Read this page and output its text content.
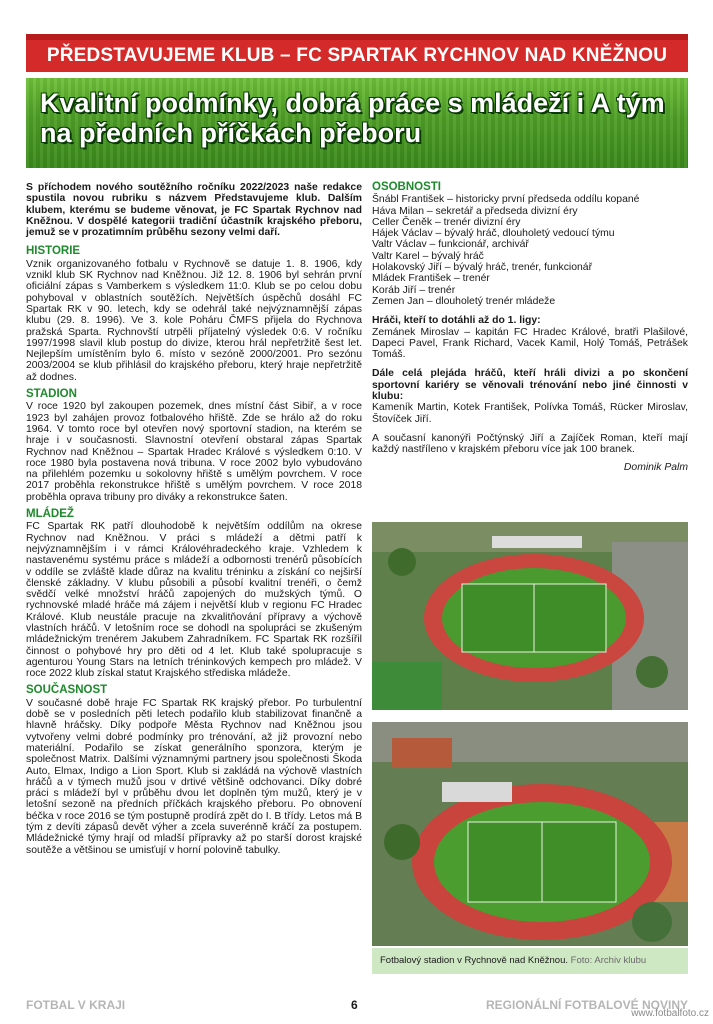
PŘEDSTAVUJEME KLUB – FC SPARTAK RYCHNOV NAD KNĚŽNOU
Kvalitní podmínky, dobrá práce s mládeží i A tým na předních příčkách přeboru

S příchodem nového soutěžního ročníku 2022/2023 naše redakce spustila novou rubriku s názvem Představujeme klub. Dalším klubem, kterému se budeme věnovat, je FC Spartak Rychnov nad Kněžnou. V dospělé kategorii tradiční účastník krajského přeboru, jemuž se v prozatimním průběhu sezony velmi daří.

HISTORIE

Vznik organizovaného fotbalu v Rychnově se datuje 1. 8. 1906, kdy vznikl klub SK Rychnov nad Kněžnou. Již 12. 8. 1906 byl sehrán první oficiální zápas s Vamberkem s výsledkem 11:0. Klub se po celou dobu pohyboval v oblastních soutěžích. Největších úspěchů dosáhl FC Spartak RK v 90. letech, kdy se odehrál také nejvýznamnější zápas klubu (29. 8. 1996). Ve 3. kole Poháru ČMFS přijela do Rychnova pražská Sparta. Rychnovští utrpěli příjatelný výsledek 0:6. V ročníku 1997/1998 slavil klub postup do divize, kterou hrál nepřetržitě šest let. Nejlepším umístěním bylo 6. místo v sezóně 2000/2001. Pro sezónu 2003/2004 se klub přihlásil do krajského přeboru, který hraje nepřetržitě až dodnes.

STADION

V roce 1920 byl zakoupen pozemek, dnes místní část Sibiř, a v roce 1923 byl zahájen provoz fotbalového hřiště. Zde se hrálo až do roku 1964. V tomto roce byl otevřen nový sportovní stadion, na kterém se hraje i v současnosti. Slavnostní otevření obstaral zápas Spartak Rychnov nad Kněžnou – Spartak Hradec Králové s výsledkem 0:10. V roce 1980 byla postavena nová tribuna. V roce 2002 bylo vybudováno na přilehlém pozemku u sokolovny hřiště s umělým povrchem. V roce 2017 proběhla rekonstrukce hřiště s umělým povrchem. V roce 2018 proběhla oprava tribuny pro diváky a rekonstrukce šaten.

MLÁDEŽ

FC Spartak RK patří dlouhodobě k největším oddílům na okrese Rychnov nad Kněžnou. V práci s mládeží a dětmi patří k nejvýznamnějším i v rámci Královéhradeckého kraje. Vzhledem k nastavenému systému práce s mládeží a odbornosti trenérů působících v oddíle se zvláště klade důraz na kvalitu tréninku a získání co nejširší členské základny. V klubu působili a působí kvalitní trenéři, o čemž svědčí velké množství hráčů zapojených do mužských týmů. O rychnovské mladé hráče má zájem i největší klub v regionu FC Hradec Králové. Klub neustále pracuje na zkvalitňování přípravy a výchově vlastních hráčů. V letošním roce se dohodl na spolupráci se zkušeným mládežnickým trenérem Jakubem Zahradníkem. FC Spartak RK rozšířil činnost o pohybové hry pro děti od 4 let. Klub také spolupracuje s agenturou Young Stars na letních tréninkových kempech pro mládež. V roce 2022 klub získal statut Krajského střediska mládeže.

SOUČASNOST

V současné době hraje FC Spartak RK krajský přebor. Po turbulentní době se v posledních pěti letech podařilo klub stabilizovat finančně a hlavně hráčsky. Díky podpoře Města Rychnov nad Kněžnou jsou vytvořeny velmi dobré podmínky pro trénování, až již provozní nebo materiální. Podařilo se získat generálního sponzora, kterým je společnost Matrix. Dalšími významnými partnery jsou společnosti Škoda Auto, Elmax, Indigo a Lion Sport. Klub si zakládá na výchově vlastních hráčů a v týmech mužů jsou v drtivé většině odchovanci. Díky dobré práci s mládeží byl v průběhu dvou let doplněn tým mužů, který je v letošní sezoně na předních příčkách krajského přeboru. Po obnovení béčka v roce 2016 se tým postupně prodírá zpět do I. B třídy. Letos má B tým z devíti zápasů devět výher a zcela suverénně kráčí za postupem. Mládežnické týmy hrají od mladší přípravky až po starší dorost krajské soutěže a většinou se umisťují v horní polovině tabulky.

OSOBNOSTI
Šnábl František – historicky první předseda oddílu kopané
Háva Milan – sekretář a předseda divizní éry
Celler Čeněk – trenér divizní éry
Hájek Václav – bývalý hráč, dlouholetý vedoucí týmu
Valtr Václav – funkcionář, archivář
Valtr Karel – bývalý hráč
Holakovský Jiří – bývalý hráč, trenér, funkcionář
Mládek František – trenér
Koráb Jiří – trenér
Zemen Jan – dlouholetý trenér mládeže

Hráči, kteří to dotáhli až do 1. ligy:

Zemánek Miroslav – kapitán FC Hradec Králové, bratři Plašilové, Dapeci Pavel, Frank Richard, Vacek Kamil, Holý Tomáš, Petrášek Tomáš.

Dále celá plejáda hráčů, kteří hráli divizi a po skončení sportovní kariéry se věnovali trénování nebo jiné činnosti v klubu:

Kameník Martin, Kotek František, Polívka Tomáš, Rücker Miroslav, Štovíček Jiří.

A současní kanonýři Počtýnský Jiří a Zajíček Roman, kteří mají každý nastříleno v krajském přeboru více jak 100 branek.

Dominik Palm
Fotbalový stadion v Rychnově nad Kněžnou. Foto: Archiv klubu
FOTBAL V KRAJI	6	REGIONÁLNÍ FOTBALOVÉ NOVINY
www.fotbalfoto.cz
